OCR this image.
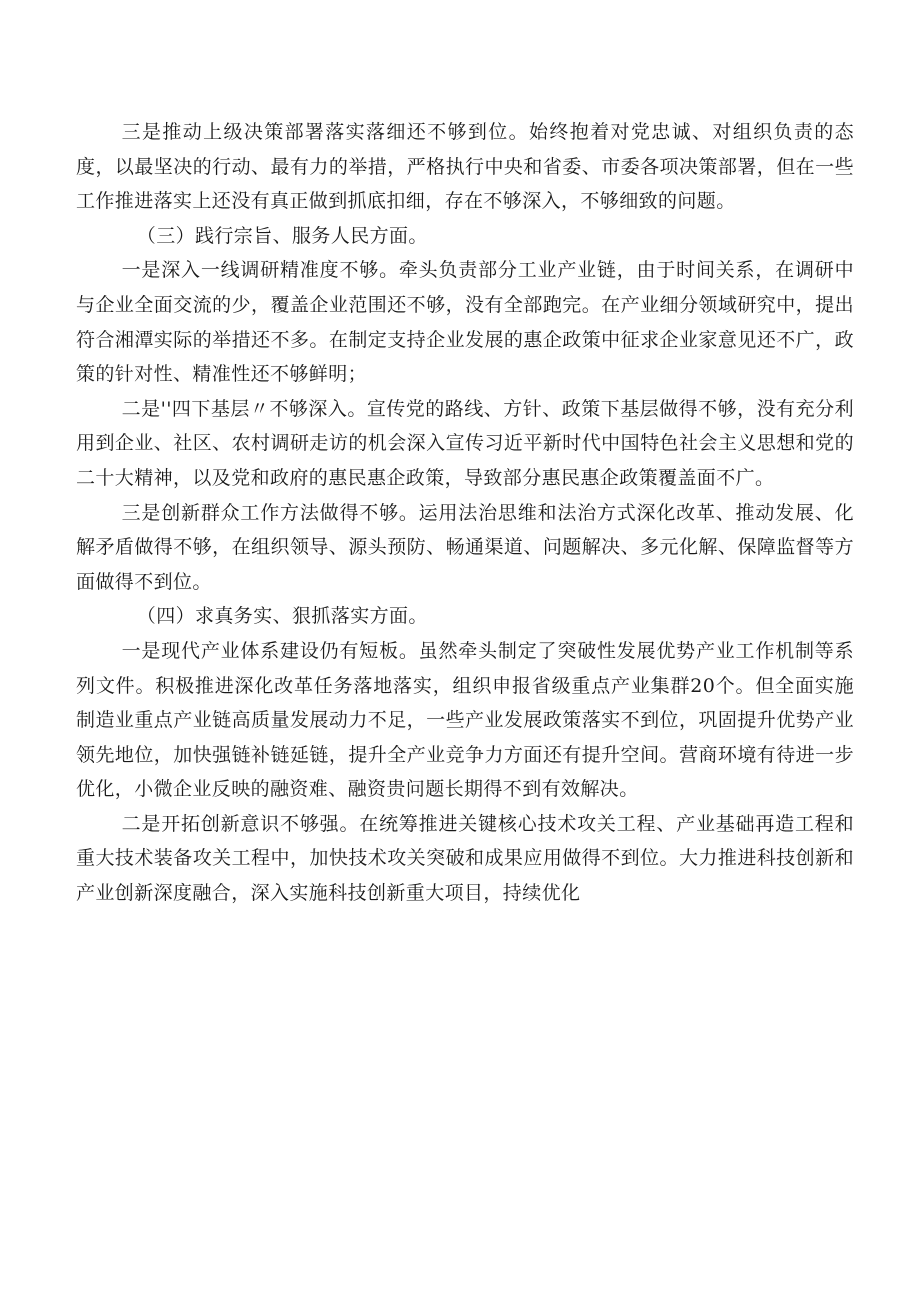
三是推动上级决策部署落实落细还不够到位。始终抱着对党忠诚、对组织负责的态度，以最坚决的行动、最有力的举措，严格执行中央和省委、市委各项决策部署，但在一些工作推进落实上还没有真正做到抓底扣细，存在不够深入，不够细致的问题。

（三）践行宗旨、服务人民方面。

一是深入一线调研精准度不够。牵头负责部分工业产业链，由于时间关系，在调研中与企业全面交流的少，覆盖企业范围还不够，没有全部跑完。在产业细分领域研究中，提出符合湘潭实际的举措还不多。在制定支持企业发展的惠企政策中征求企业家意见还不广，政策的针对性、精准性还不够鲜明；

二是''四下基层〃不够深入。宣传党的路线、方针、政策下基层做得不够，没有充分利用到企业、社区、农村调研走访的机会深入宣传习近平新时代中国特色社会主义思想和党的二十大精神，以及党和政府的惠民惠企政策，导致部分惠民惠企政策覆盖面不广。

三是创新群众工作方法做得不够。运用法治思维和法治方式深化改革、推动发展、化解矛盾做得不够，在组织领导、源头预防、畅通渠道、问题解决、多元化解、保障监督等方面做得不到位。

（四）求真务实、狠抓落实方面。

一是现代产业体系建设仍有短板。虽然牵头制定了突破性发展优势产业工作机制等系列文件。积极推进深化改革任务落地落实，组织申报省级重点产业集群20个。但全面实施制造业重点产业链高质量发展动力不足，一些产业发展政策落实不到位，巩固提升优势产业领先地位，加快强链补链延链，提升全产业竞争力方面还有提升空间。营商环境有待进一步优化，小微企业反映的融资难、融资贵问题长期得不到有效解决。

二是开拓创新意识不够强。在统筹推进关键核心技术攻关工程、产业基础再造工程和重大技术装备攻关工程中，加快技术攻关突破和成果应用做得不到位。大力推进科技创新和产业创新深度融合，深入实施科技创新重大项目，持续优化
